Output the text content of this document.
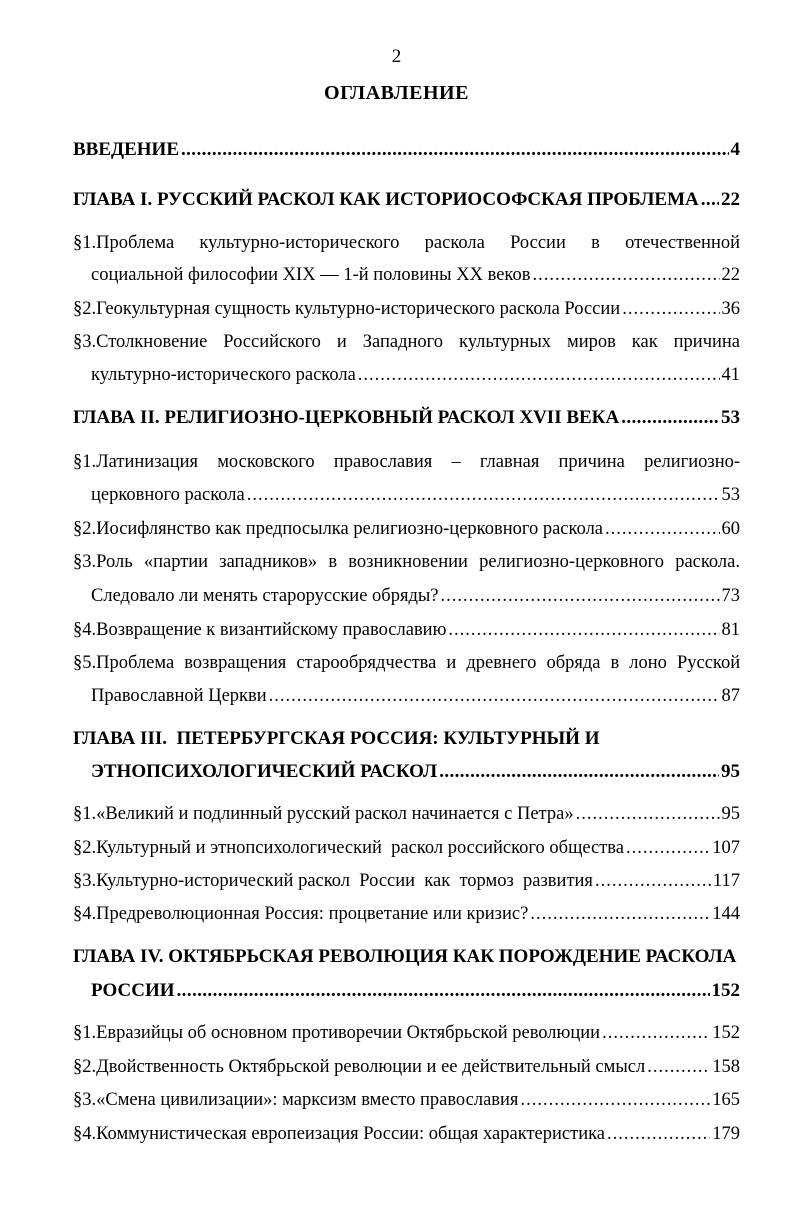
2
ОГЛАВЛЕНИЕ
ВВЕДЕНИЕ .....	4
ГЛАВА I. РУССКИЙ РАСКОЛ КАК ИСТОРИОСОФСКАЯ ПРОБЛЕМА ..... 22
§1.Проблема культурно-исторического раскола России в отечественной
социальной философии XIX — 1-й половины XX веков .....	22
§2.Геокультурная сущность культурно-исторического раскола России .....	36
§3.Столкновение Российского и Западного культурных миров как причина
культурно-исторического раскола .....	41
ГЛАВА II. РЕЛИГИОЗНО-ЦЕРКОВНЫЙ РАСКОЛ XVII ВЕКА .....	53
§1.Латинизация московского православия – главная причина религиозно-
церковного раскола .....	53
§2.Иосифлянство как предпосылка религиозно-церковного раскола .....	60
§3.Роль «партии западников» в возникновении религиозно-церковного раскола.
Следовало ли менять старорусские обряды? .....	73
§4.Возвращение к византийскому православию .....	81
§5.Проблема возвращения старообрядчества и древнего обряда в лоно Русской
Православной Церкви .....	87
ГЛАВА III.  ПЕТЕРБУРГСКАЯ РОССИЯ: КУЛЬТУРНЫЙ И
ЭТНОПСИХОЛОГИЧЕСКИЙ РАСКОЛ .....	95
§1.«Великий и подлинный русский раскол начинается с Петра» .....	95
§2.Культурный и этнопсихологический  раскол российского общества .....	107
§3.Культурно-исторический раскол  России  как  тормоз  развития .....	117
§4.Предреволюционная Россия: процветание или кризис? .....	144
ГЛАВА IV. ОКТЯБРЬСКАЯ РЕВОЛЮЦИЯ КАК ПОРОЖДЕНИЕ РАСКОЛА
РОССИИ .....	152
§1.Евразийцы об основном противоречии Октябрьской революции .....	152
§2.Двойственность Октябрьской революции и ее действительный смысл .....	158
§3.«Смена цивилизации»: марксизм вместо православия .....	165
§4.Коммунистическая европеизация России: общая характеристика .....	179
